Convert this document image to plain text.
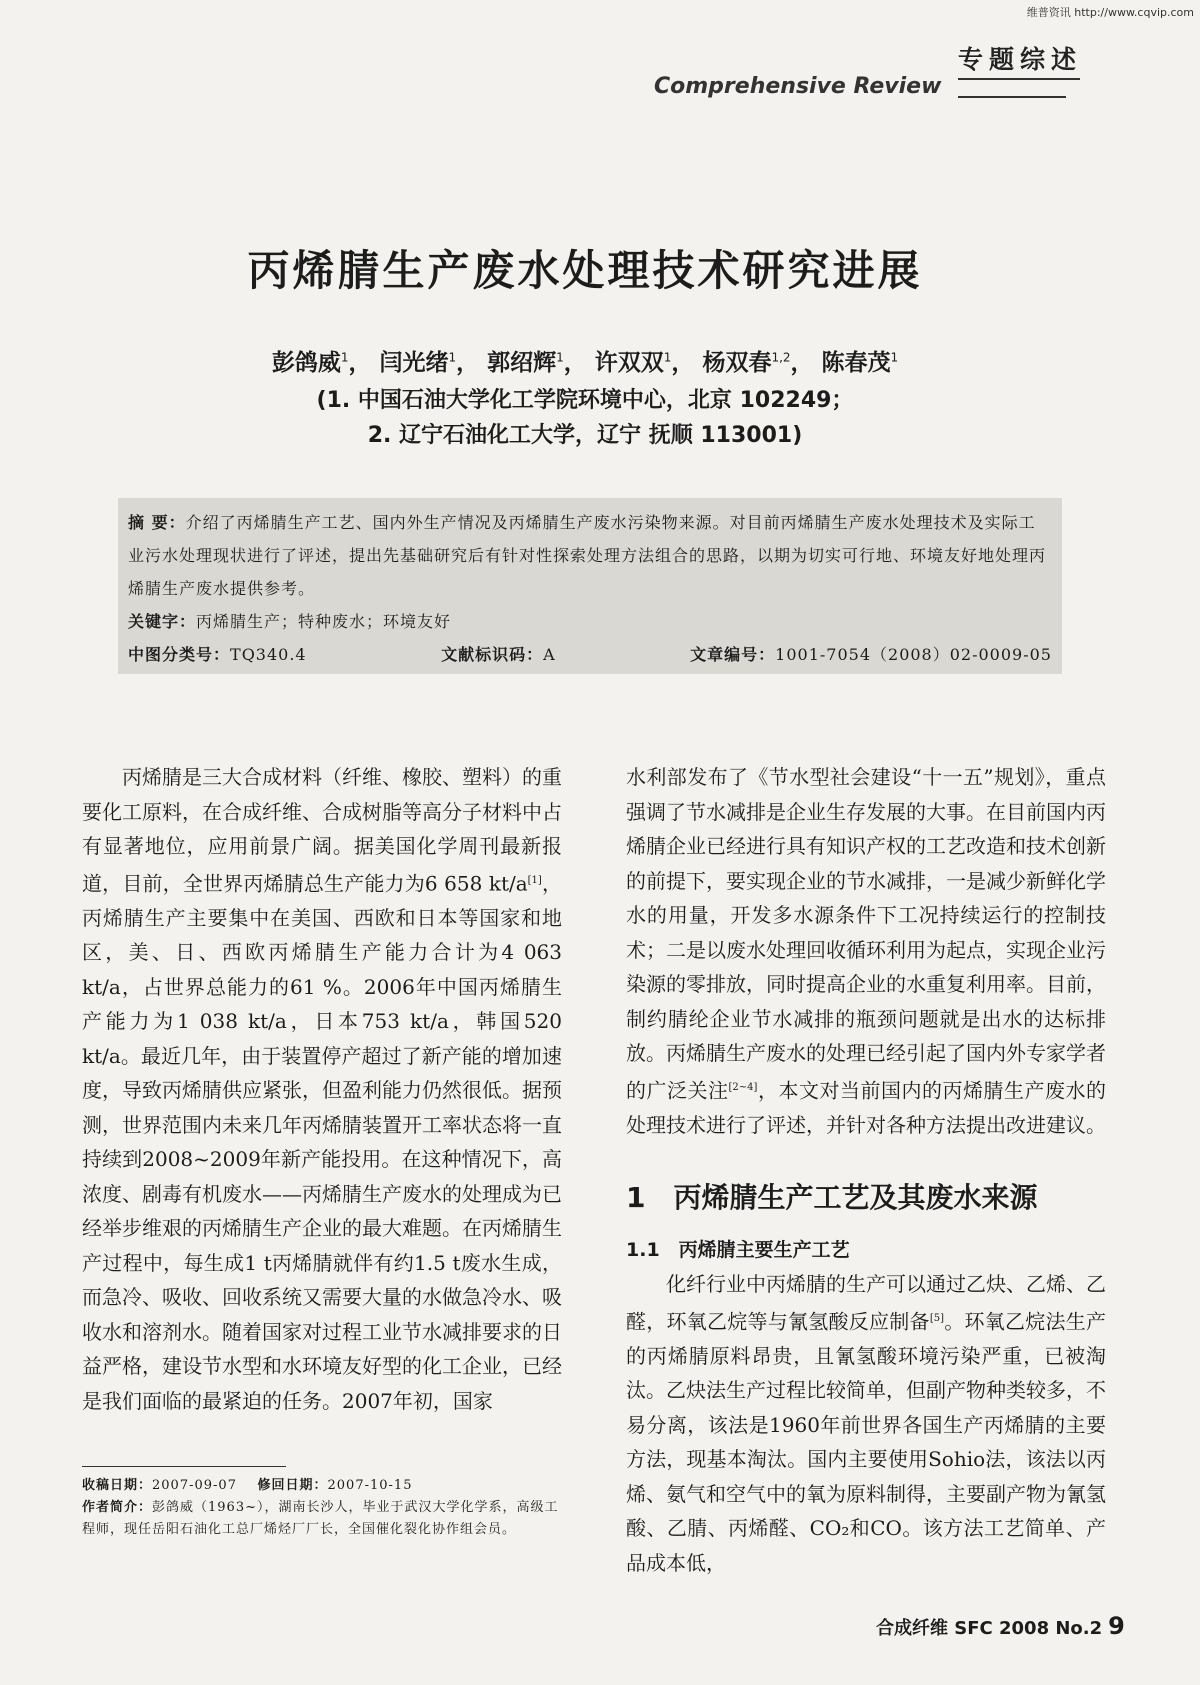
维普资讯 http://www.cqvip.com
专题综述
Comprehensive Review
丙烯腈生产废水处理技术研究进展
彭鸽威$^1$， 闫光绪$^1$， 郭绍辉$^1$， 许双双$^1$， 杨双春$^{1,2}$， 陈春茂$^1$
(1. 中国石油大学化工学院环境中心，北京 102249；
2. 辽宁石油化工大学，辽宁 抚顺 113001)
摘 要：介绍了丙烯腈生产工艺、国内外生产情况及丙烯腈生产废水污染物来源。对目前丙烯腈生产废水处理技术及实际工业污水处理现状进行了评述，提出先基础研究后有针对性探索处理方法组合的思路，以期为切实可行地、环境友好地处理丙烯腈生产废水提供参考。
关键字：丙烯腈生产；特种废水；环境友好
中图分类号：TQ340.4	文献标识码：A	文章编号：1001-7054（2008）02-0009-05

丙烯腈是三大合成材料（纤维、橡胶、塑料）的重要化工原料，在合成纤维、合成树脂等高分子材料中占有显著地位，应用前景广阔。据美国化学周刊最新报道，目前，全世界丙烯腈总生产能力为6 658 kt/a[1]，丙烯腈生产主要集中在美国、西欧和日本等国家和地区，美、日、西欧丙烯腈生产能力合计为4 063 kt/a，占世界总能力的61 %。2006年中国丙烯腈生产能力为1 038 kt/a，日本753 kt/a，韩国520 kt/a。最近几年，由于装置停产超过了新产能的增加速度，导致丙烯腈供应紧张，但盈利能力仍然很低。据预测，世界范围内未来几年丙烯腈装置开工率状态将一直持续到2008~2009年新产能投用。在这种情况下，高浓度、剧毒有机废水——丙烯腈生产废水的处理成为已经举步维艰的丙烯腈生产企业的最大难题。在丙烯腈生产过程中，每生成1 t丙烯腈就伴有约1.5 t废水生成，而急冷、吸收、回收系统又需要大量的水做急冷水、吸收水和溶剂水。随着国家对过程工业节水减排要求的日益严格，建设节水型和水环境友好型的化工企业，已经是我们面临的最紧迫的任务。2007年初，国家

水利部发布了《节水型社会建设“十一五”规划》，重点强调了节水减排是企业生存发展的大事。在目前国内丙烯腈企业已经进行具有知识产权的工艺改造和技术创新的前提下，要实现企业的节水减排，一是减少新鲜化学水的用量，开发多水源条件下工况持续运行的控制技术；二是以废水处理回收循环利用为起点，实现企业污染源的零排放，同时提高企业的水重复利用率。目前，制约腈纶企业节水减排的瓶颈问题就是出水的达标排放。丙烯腈生产废水的处理已经引起了国内外专家学者的广泛关注[2~4]，本文对当前国内的丙烯腈生产废水的处理技术进行了评述，并针对各种方法提出改进建议。

1　丙烯腈生产工艺及其废水来源
1.1　丙烯腈主要生产工艺

化纤行业中丙烯腈的生产可以通过乙炔、乙烯、乙醛，环氧乙烷等与氰氢酸反应制备[5]。环氧乙烷法生产的丙烯腈原料昂贵，且氰氢酸环境污染严重，已被淘汰。乙炔法生产过程比较简单，但副产物种类较多，不易分离，该法是1960年前世界各国生产丙烯腈的主要方法，现基本淘汰。国内主要使用Sohio法，该法以丙烯、氨气和空气中的氧为原料制得，主要副产物为氰氢酸、乙腈、丙烯醛、CO₂和CO。该方法工艺简单、产品成本低，

收稿日期：2007-09-07 修回日期：2007-10-15
作者简介：彭鸽威（1963~），湖南长沙人，毕业于武汉大学化学系，高级工程师，现任岳阳石油化工总厂烯烃厂厂长，全国催化裂化协作组会员。
合成纤维 SFC 2008 No.2 9
